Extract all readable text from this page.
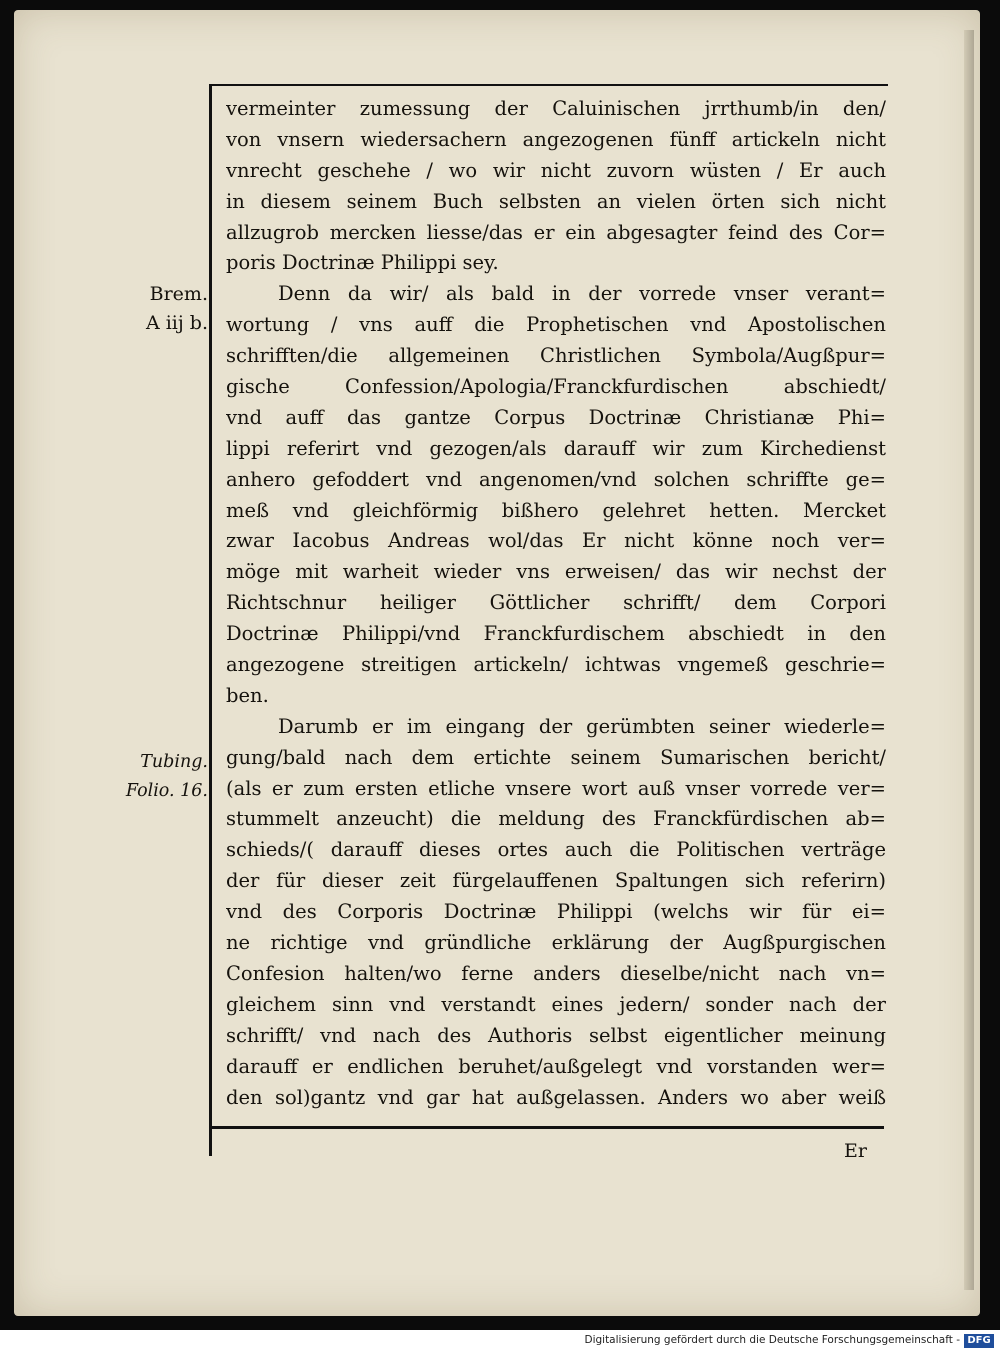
vermeinter zumessung der Caluinischen jrrthumb/in den/
von vnsern wiedersachern angezogenen fünff artickeln nicht
vnrecht geschehe / wo wir nicht zuvorn wüsten / Er auch
in diesem seinem Buch selbsten an vielen örten sich nicht
allzugrob mercken liesse/das er ein abgesagter feind des Cor=
poris Doctrinæ Philippi sey.
Denn da wir/ als bald in der vorrede vnser verant=
wortung / vns auff die Prophetischen vnd Apostolischen
schrifften/die allgemeinen Christlichen Symbola/Augßpur=
gische Confession/Apologia/Franckfurdischen abschiedt/
vnd auff das gantze Corpus Doctrinæ Christianæ Phi=
lippi referirt vnd gezogen/als darauff wir zum Kirchedienst
anhero gefoddert vnd angenomen/vnd solchen schriffte ge=
meß vnd gleichförmig bißhero gelehret hetten. Mercket
zwar Iacobus Andreas wol/das Er nicht könne noch ver=
möge mit warheit wieder vns erweisen/ das wir nechst der
Richtschnur heiliger Göttlicher schrifft/ dem Corpori
Doctrinæ Philippi/vnd Franckfurdischem abschiedt in den
angezogene streitigen artickeln/ ichtwas vngemeß geschrie=
ben.
Darumb er im eingang der gerümbten seiner wiederle=
gung/bald nach dem ertichte seinem Sumarischen bericht/
(als er zum ersten etliche vnsere wort auß vnser vorrede ver=
stummelt anzeucht) die meldung des Franckfürdischen ab=
schieds/( darauff dieses ortes auch die Politischen verträge
der für dieser zeit fürgelauffenen Spaltungen sich referirn)
vnd des Corporis Doctrinæ Philippi (welchs wir für ei=
ne richtige vnd gründliche erklärung der Augßpurgischen
Confesion halten/wo ferne anders dieselbe/nicht nach vn=
gleichem sinn vnd verstandt eines jedern/ sonder nach der
schrifft/ vnd nach des Authoris selbst eigentlicher meinung
darauff er endlichen beruhet/außgelegt vnd vorstanden wer=
den sol)gantz vnd gar hat außgelassen. Anders wo aber weiß
Brem.
A iij b.
Tubing.
Folio. 16.
Er
Digitalisierung gefördert durch die Deutsche Forschungsgemeinschaft - DFG
